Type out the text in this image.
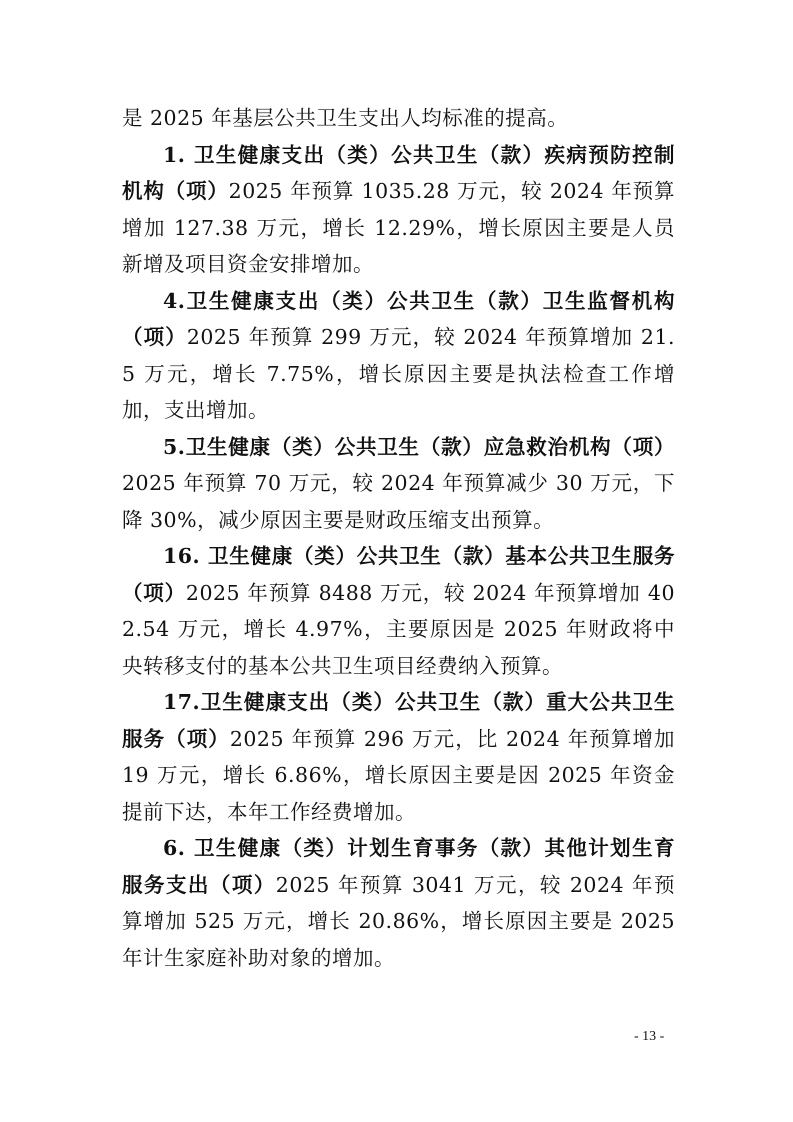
是 2025 年基层公共卫生支出人均标准的提高。

1. 卫生健康支出（类）公共卫生（款）疾病预防控制机构（项）2025 年预算 1035.28 万元，较 2024 年预算增加 127.38 万元，增长 12.29%，增长原因主要是人员新增及项目资金安排增加。

4.卫生健康支出（类）公共卫生（款）卫生监督机构（项）2025 年预算 299 万元，较 2024 年预算增加 21.5 万元，增长 7.75%，增长原因主要是执法检查工作增加，支出增加。

5.卫生健康（类）公共卫生（款）应急救治机构（项）2025 年预算 70 万元，较 2024 年预算减少 30 万元，下降 30%，减少原因主要是财政压缩支出预算。

16. 卫生健康（类）公共卫生（款）基本公共卫生服务（项）2025 年预算 8488 万元，较 2024 年预算增加 402.54 万元，增长 4.97%，主要原因是 2025 年财政将中央转移支付的基本公共卫生项目经费纳入预算。

17.卫生健康支出（类）公共卫生（款）重大公共卫生服务（项）2025 年预算 296 万元，比 2024 年预算增加 19 万元，增长 6.86%，增长原因主要是因 2025 年资金提前下达，本年工作经费增加。

6. 卫生健康（类）计划生育事务（款）其他计划生育服务支出（项）2025 年预算 3041 万元，较 2024 年预算增加 525 万元，增长 20.86%，增长原因主要是 2025 年计生家庭补助对象的增加。

- 13 -
